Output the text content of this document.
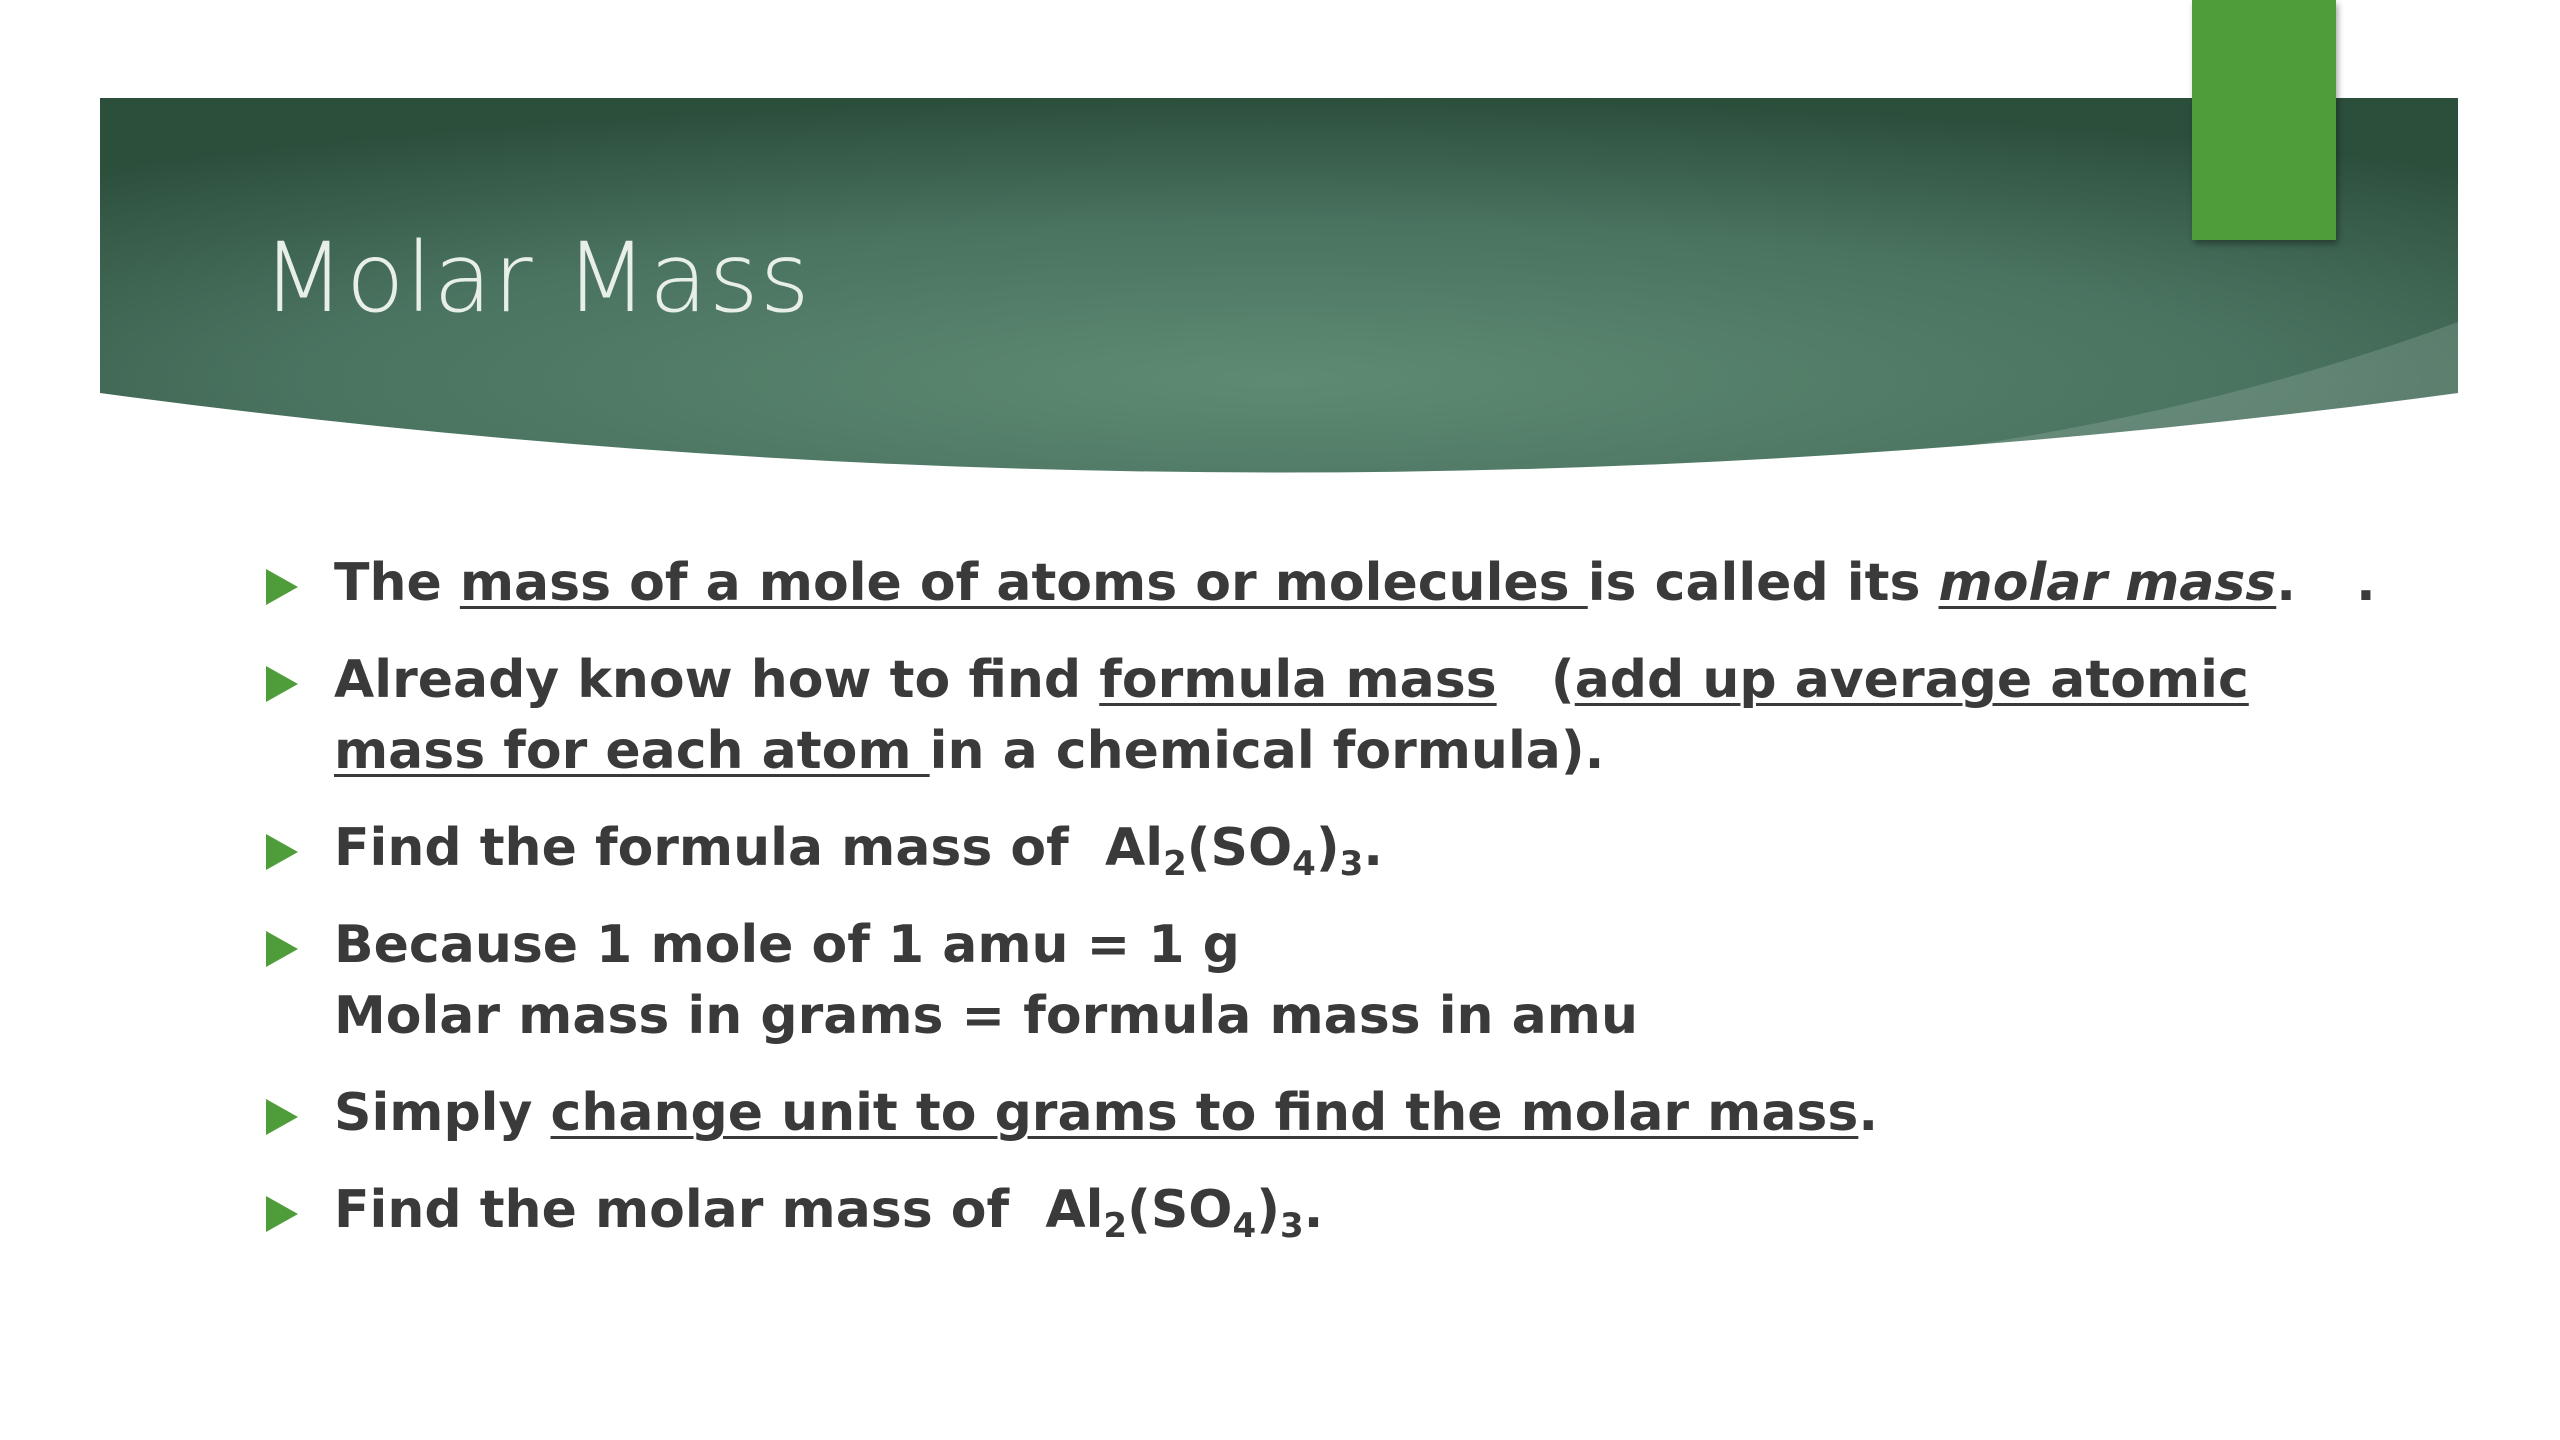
Molar Mass
The mass of a mole of atoms or molecules is called its molar mass. .
Already know how to find formula mass   (add up average atomic
mass for each atom in a chemical formula).
Find the formula mass of  $Al_2(SO_4)_3$.
Because 1 mole of 1 amu = 1 g
Molar mass in grams = formula mass in amu
Simply change unit to grams to find the molar mass.
Find the molar mass of  $Al_2(SO_4)_3$.
